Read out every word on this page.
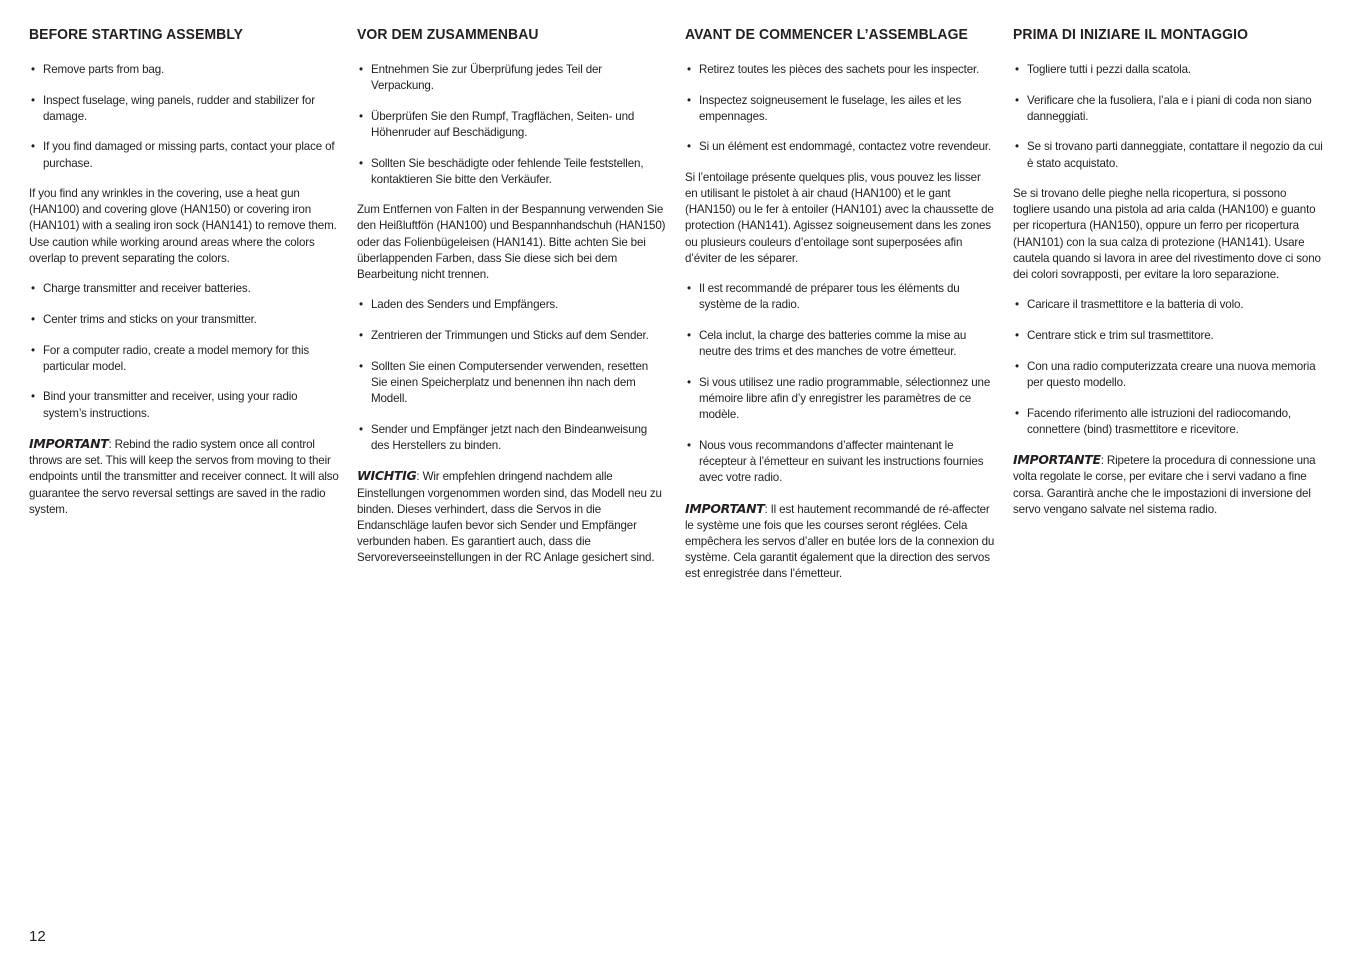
BEFORE STARTING ASSEMBLY
• Remove parts from bag.
• Inspect fuselage, wing panels, rudder and stabilizer for damage.
• If you find damaged or missing parts, contact your place of purchase.
If you find any wrinkles in the covering, use a heat gun (HAN100) and covering glove (HAN150) or covering iron (HAN101) with a sealing iron sock (HAN141) to remove them. Use caution while working around areas where the colors overlap to prevent separating the colors.
• Charge transmitter and receiver batteries.
• Center trims and sticks on your transmitter.
• For a computer radio, create a model memory for this particular model.
• Bind your transmitter and receiver, using your radio system’s instructions.
IMPORTANT: Rebind the radio system once all control throws are set. This will keep the servos from moving to their endpoints until the transmitter and receiver connect. It will also guarantee the servo reversal settings are saved in the radio system.
VOR DEM ZUSAMMENBAU
• Entnehmen Sie zur Überprüfung jedes Teil der Verpackung.
• Überprüfen Sie den Rumpf, Tragflächen, Seiten- und Höhenruder auf Beschädigung.
• Sollten Sie beschädigte oder fehlende Teile feststellen, kontaktieren Sie bitte den Verkäufer.
Zum Entfernen von Falten in der Bespannung verwenden Sie den Heißluftfön (HAN100) und Bespannhandschuh (HAN150) oder das Folienbügeleisen (HAN141). Bitte achten Sie bei überlappenden Farben, dass Sie diese sich bei dem Bearbeitung nicht trennen.
• Laden des Senders und Empfängers.
• Zentrieren der Trimmungen und Sticks auf dem Sender.
• Sollten Sie einen Computersender verwenden, resetten Sie einen Speicherplatz und benennen ihn nach dem Modell.
• Sender und Empfänger jetzt nach den Bindeanweisung des Herstellers zu binden.
WICHTIG: Wir empfehlen dringend nachdem alle Einstellungen vorgenommen worden sind, das Modell neu zu binden. Dieses verhindert, dass die Servos in die Endanschläge laufen bevor sich Sender und Empfänger verbunden haben. Es garantiert auch, dass die Servoreverseeinstellungen in der RC Anlage gesichert sind.
AVANT DE COMMENCER L’ASSEMBLAGE
• Retirez toutes les pièces des sachets pour les inspecter.
• Inspectez soigneusement le fuselage, les ailes et les empennages.
• Si un élément est endommagé, contactez votre revendeur.
Si l’entoilage présente quelques plis, vous pouvez les lisser en utilisant le pistolet à air chaud (HAN100) et le gant (HAN150) ou le fer à entoiler (HAN101) avec la chaussette de protection (HAN141). Agissez soigneusement dans les zones ou plusieurs couleurs d’entoilage sont superposées afin d’éviter de les séparer.
• Il est recommandé de préparer tous les éléments du système de la radio.
• Cela inclut, la charge des batteries comme la mise au neutre des trims et des manches de votre émetteur.
• Si vous utilisez une radio programmable, sélectionnez une mémoire libre afin d’y enregistrer les paramètres de ce modèle.
• Nous vous recommandons d’affecter maintenant le récepteur à l’émetteur en suivant les instructions fournies avec votre radio.
IMPORTANT: Il est hautement recommandé de ré-affecter le système une fois que les courses seront réglées. Cela empêchera les servos d’aller en butée lors de la connexion du système. Cela garantit également que la direction des servos est enregistrée dans l’émetteur.
PRIMA DI INIZIARE IL MONTAGGIO
• Togliere tutti i pezzi dalla scatola.
• Verificare che la fusoliera, l’ala e i piani di coda non siano danneggiati.
• Se si trovano parti danneggiate, contattare il negozio da cui è stato acquistato.
Se si trovano delle pieghe nella ricopertura, si possono togliere usando una pistola ad aria calda (HAN100) e guanto per ricopertura (HAN150), oppure un ferro per ricopertura (HAN101) con la sua calza di protezione (HAN141). Usare cautela quando si lavora in aree del rivestimento dove ci sono dei colori sovrapposti, per evitare la loro separazione.
• Caricare il trasmettitore e la batteria di volo.
• Centrare stick e trim sul trasmettitore.
• Con una radio computerizzata creare una nuova memoria per questo modello.
• Facendo riferimento alle istruzioni del radiocomando, connettere (bind) trasmettitore e ricevitore.
IMPORTANTE: Ripetere la procedura di connessione una volta regolate le corse, per evitare che i servi vadano a fine corsa. Garantirà anche che le impostazioni di inversione del servo vengano salvate nel sistema radio.
12
